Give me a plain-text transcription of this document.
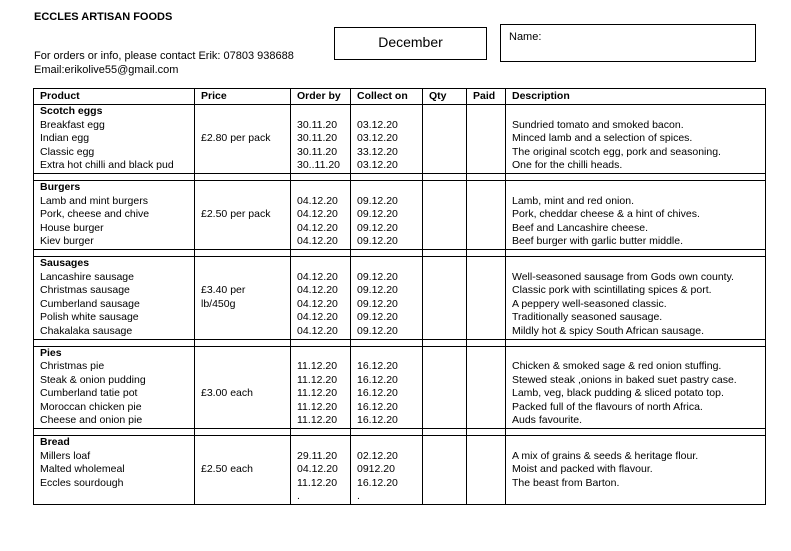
ECCLES ARTISAN FOODS
For orders or info, please contact Erik: 07803 938688
Email:erikolive55@gmail.com
December	Name:
Product	Price	Order by	Collect on	Qty	Paid	Description
Scotch eggs						
Breakfast egg		30.11.20	03.12.20			Sundried tomato and smoked bacon.
Indian egg	£2.80 per pack	30.11.20	03.12.20			Minced lamb and a selection of spices.
Classic egg		30.11.20	33.12.20			The original scotch egg, pork and seasoning.
Extra hot chilli and black pud		30..11.20	03.12.20			One for the chilli heads.

Burgers						
Lamb and mint burgers		04.12.20	09.12.20			Lamb, mint and red onion.
Pork, cheese and chive	£2.50 per pack	04.12.20	09.12.20			Pork, cheddar cheese & a hint of chives.
House burger		04.12.20	09.12.20			Beef and Lancashire cheese.
Kiev burger		04.12.20	09.12.20			Beef burger with garlic butter middle.

Sausages						
Lancashire sausage		04.12.20	09.12.20			Well-seasoned sausage from Gods own county.
Christmas sausage	£3.40 per	04.12.20	09.12.20			Classic pork with scintillating spices & port.
Cumberland sausage	lb/450g	04.12.20	09.12.20			A peppery well-seasoned classic.
Polish white sausage		04.12.20	09.12.20			Traditionally seasoned sausage.
Chakalaka sausage		04.12.20	09.12.20			Mildly hot & spicy South African sausage.

Pies						
Christmas pie		11.12.20	16.12.20			Chicken & smoked sage & red onion stuffing.
Steak & onion pudding		11.12.20	16.12.20			Stewed steak ,onions in baked suet pastry case.
Cumberland tatie pot	£3.00 each	11.12.20	16.12.20			Lamb, veg, black pudding & sliced potato top.
Moroccan chicken pie		11.12.20	16.12.20			Packed full of the flavours of north Africa.
Cheese and onion pie		11.12.20	16.12.20			Auds favourite.

Bread						
Millers loaf		29.11.20	02.12.20			A mix of grains & seeds & heritage flour.
Malted wholemeal	£2.50 each	04.12.20	0912.20			Moist and packed with flavour.
Eccles sourdough		11.12.20	16.12.20			The beast from Barton.
		.	.			
